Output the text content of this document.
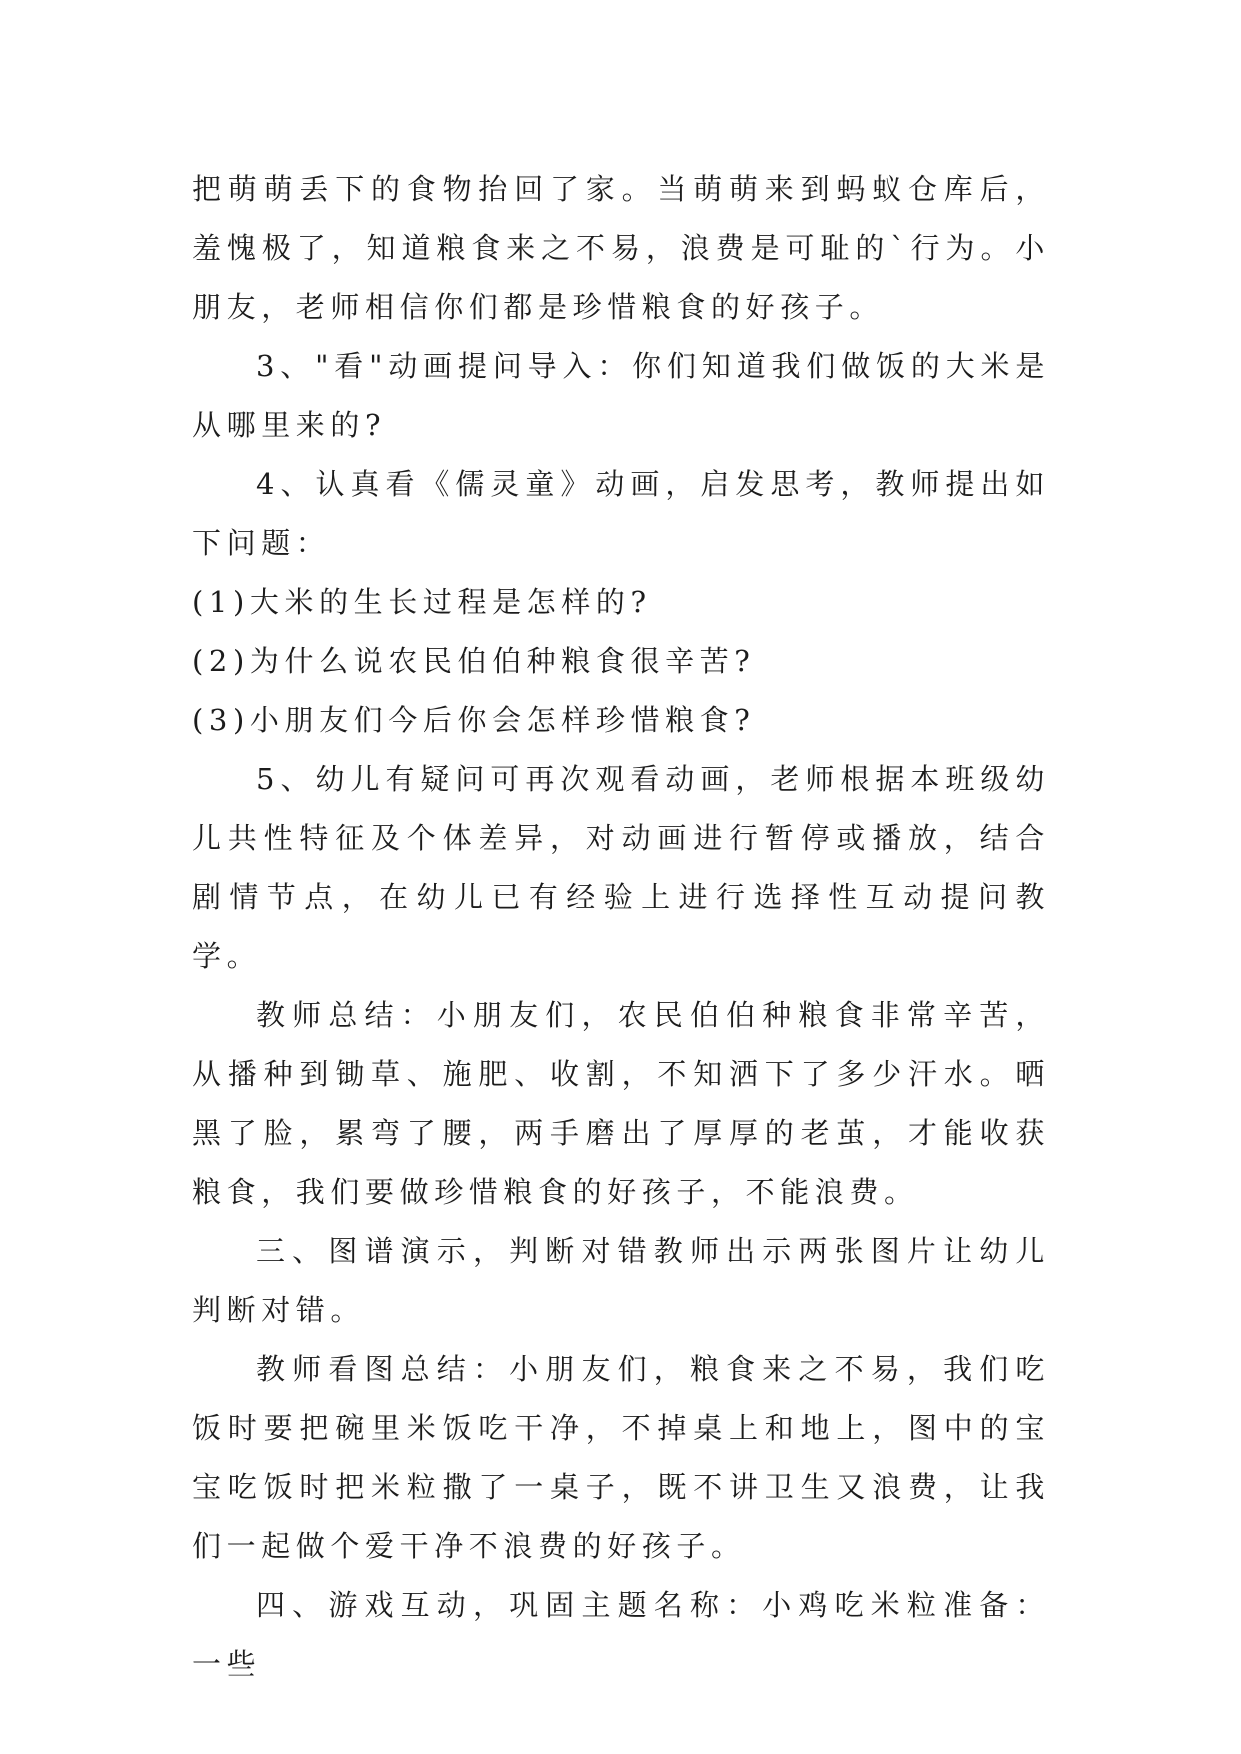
把萌萌丢下的食物抬回了家。当萌萌来到蚂蚁仓库后，羞愧极了，知道粮食来之不易，浪费是可耻的`行为。小朋友，老师相信你们都是珍惜粮食的好孩子。

3、"看"动画提问导入：你们知道我们做饭的大米是从哪里来的?

4、认真看《儒灵童》动画，启发思考，教师提出如下问题：

(1)大米的生长过程是怎样的?

(2)为什么说农民伯伯种粮食很辛苦?

(3)小朋友们今后你会怎样珍惜粮食?

5、幼儿有疑问可再次观看动画，老师根据本班级幼儿共性特征及个体差异，对动画进行暂停或播放，结合剧情节点，在幼儿已有经验上进行选择性互动提问教学。

教师总结：小朋友们，农民伯伯种粮食非常辛苦，从播种到锄草、施肥、收割，不知洒下了多少汗水。晒黑了脸，累弯了腰，两手磨出了厚厚的老茧，才能收获粮食，我们要做珍惜粮食的好孩子，不能浪费。

三、图谱演示，判断对错教师出示两张图片让幼儿判断对错。

教师看图总结：小朋友们，粮食来之不易，我们吃饭时要把碗里米饭吃干净，不掉桌上和地上，图中的宝宝吃饭时把米粒撒了一桌子，既不讲卫生又浪费，让我们一起做个爱干净不浪费的好孩子。

四、游戏互动，巩固主题名称：小鸡吃米粒准备：一些
